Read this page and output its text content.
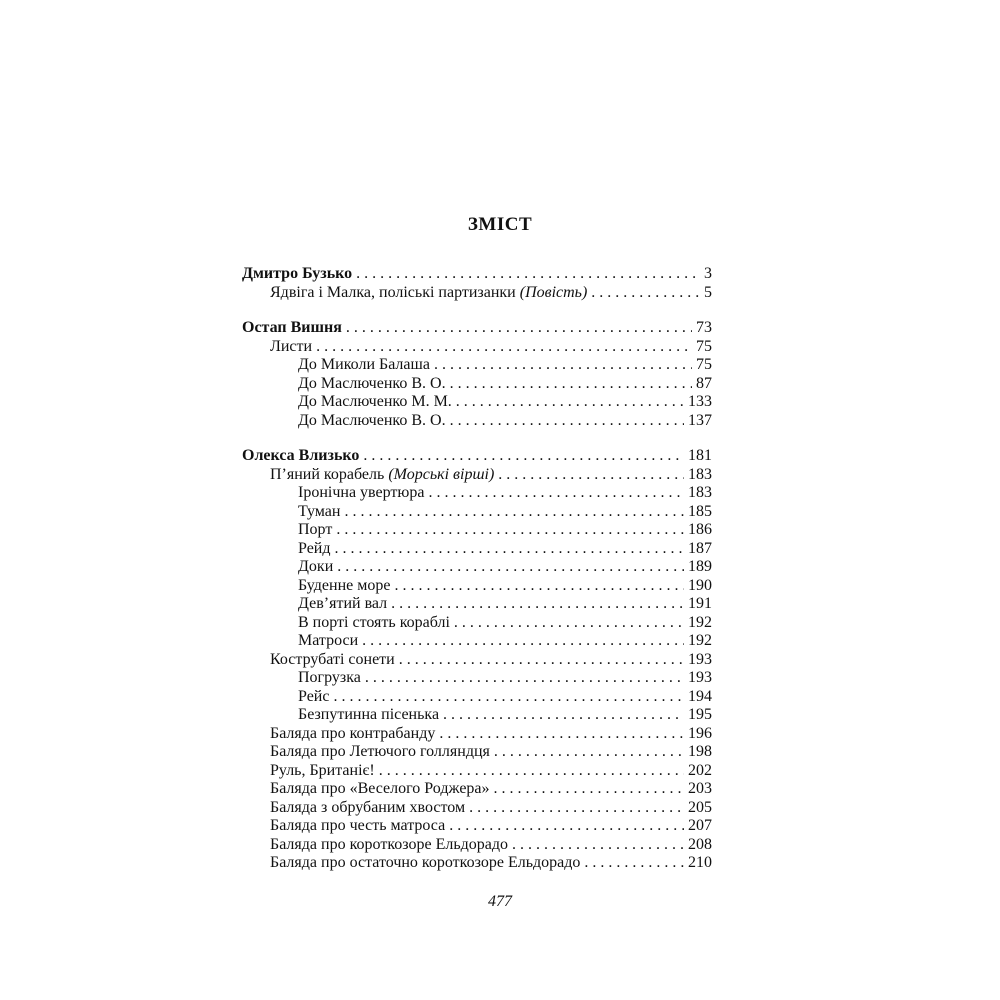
ЗМІСТ
Дмитро Бузько . . .	3
Ядвіга і Малка, поліські партизанки (Повість) . . .	5
Остап Вишня . . .	73
Листи . . .	75
До Миколи Балаша . . .	75
До Маслюченко В. О. . . .	87
До Маслюченко М. М. . . .	133
До Маслюченко В. О. . . .	137
Олекса Влизько . . .	181
П’яний корабель (Морські вірші) . . .	183
Іронічна увертюра . . .	183
Туман . . .	185
Порт . . .	186
Рейд . . .	187
Доки . . .	189
Буденне море . . .	190
Дев’ятий вал . . .	191
В порті стоять кораблі . . .	192
Матроси . . .	192
Кострубаті сонети . . .	193
Погрузка . . .	193
Рейс . . .	194
Безпутинна пісенька . . .	195
Баляда про контрабанду . . .	196
Баляда про Летючого голляндця . . .	198
Руль, Британіє! . . .	202
Баляда про «Веселого Роджера» . . .	203
Баляда з обрубаним хвостом . . .	205
Баляда про честь матроса . . .	207
Баляда про короткозоре Ельдорадо . . .	208
Баляда про остаточно короткозоре Ельдорадо . . .	210
477
